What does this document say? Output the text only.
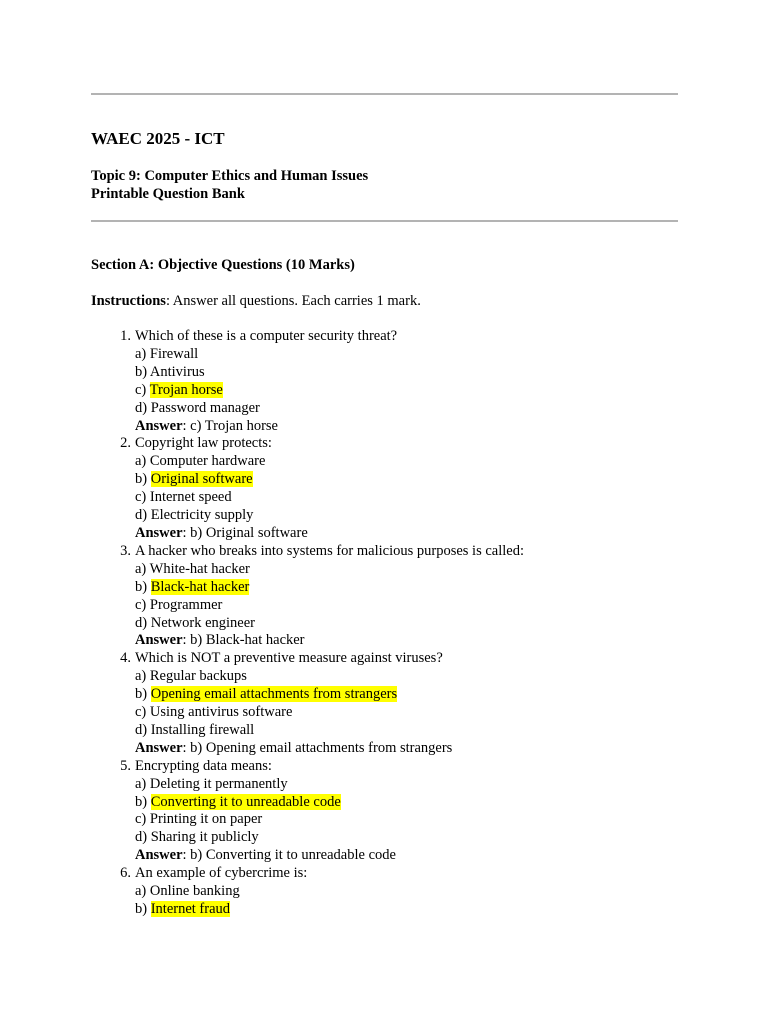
WAEC 2025 - ICT
Topic 9: Computer Ethics and Human Issues
Printable Question Bank
Section A: Objective Questions (10 Marks)
Instructions: Answer all questions. Each carries 1 mark.
1. Which of these is a computer security threat?
a) Firewall
b) Antivirus
c) Trojan horse
d) Password manager
Answer: c) Trojan horse
2. Copyright law protects:
a) Computer hardware
b) Original software
c) Internet speed
d) Electricity supply
Answer: b) Original software
3. A hacker who breaks into systems for malicious purposes is called:
a) White-hat hacker
b) Black-hat hacker
c) Programmer
d) Network engineer
Answer: b) Black-hat hacker
4. Which is NOT a preventive measure against viruses?
a) Regular backups
b) Opening email attachments from strangers
c) Using antivirus software
d) Installing firewall
Answer: b) Opening email attachments from strangers
5. Encrypting data means:
a) Deleting it permanently
b) Converting it to unreadable code
c) Printing it on paper
d) Sharing it publicly
Answer: b) Converting it to unreadable code
6. An example of cybercrime is:
a) Online banking
b) Internet fraud
